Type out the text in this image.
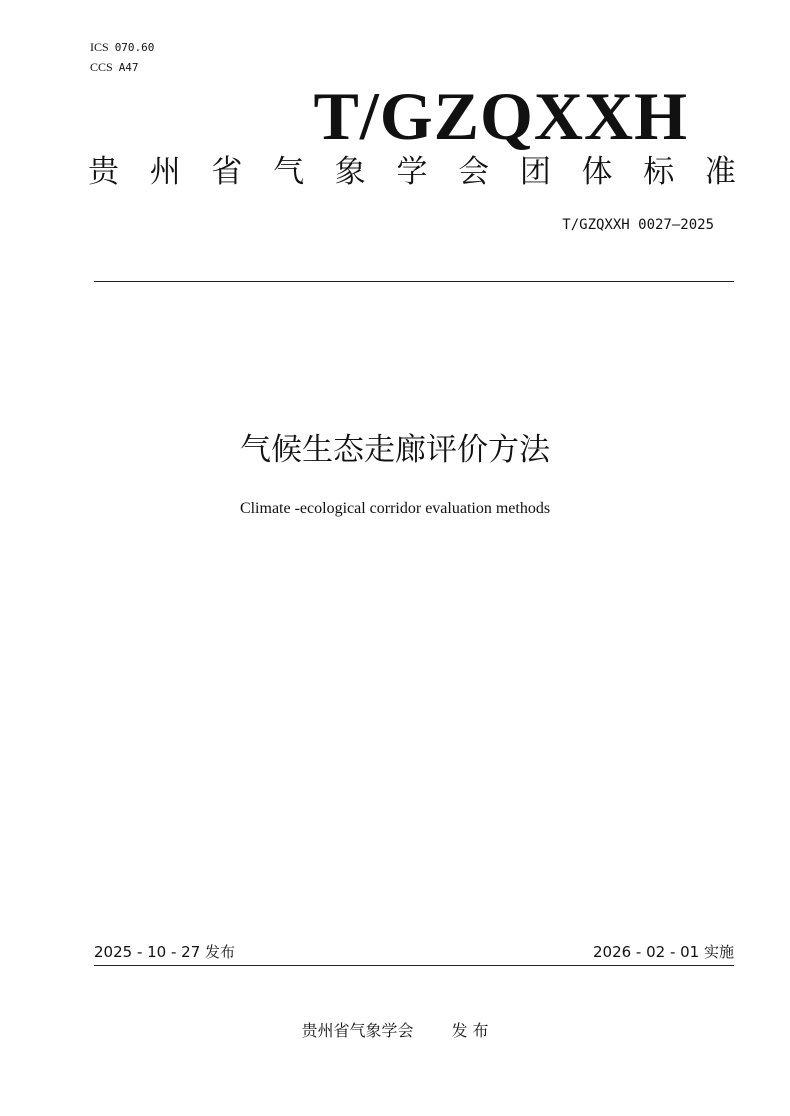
ICS 070.60
CCS A47
T/GZQXXH
贵 州 省 气 象 学 会 团 体 标 准
T/GZQXXH 0027—2025
气候生态走廊评价方法
Climate -ecological corridor evaluation methods
2025 - 10 - 27 发布	2026 - 02 - 01 实施
贵州省气象学会 发 布
